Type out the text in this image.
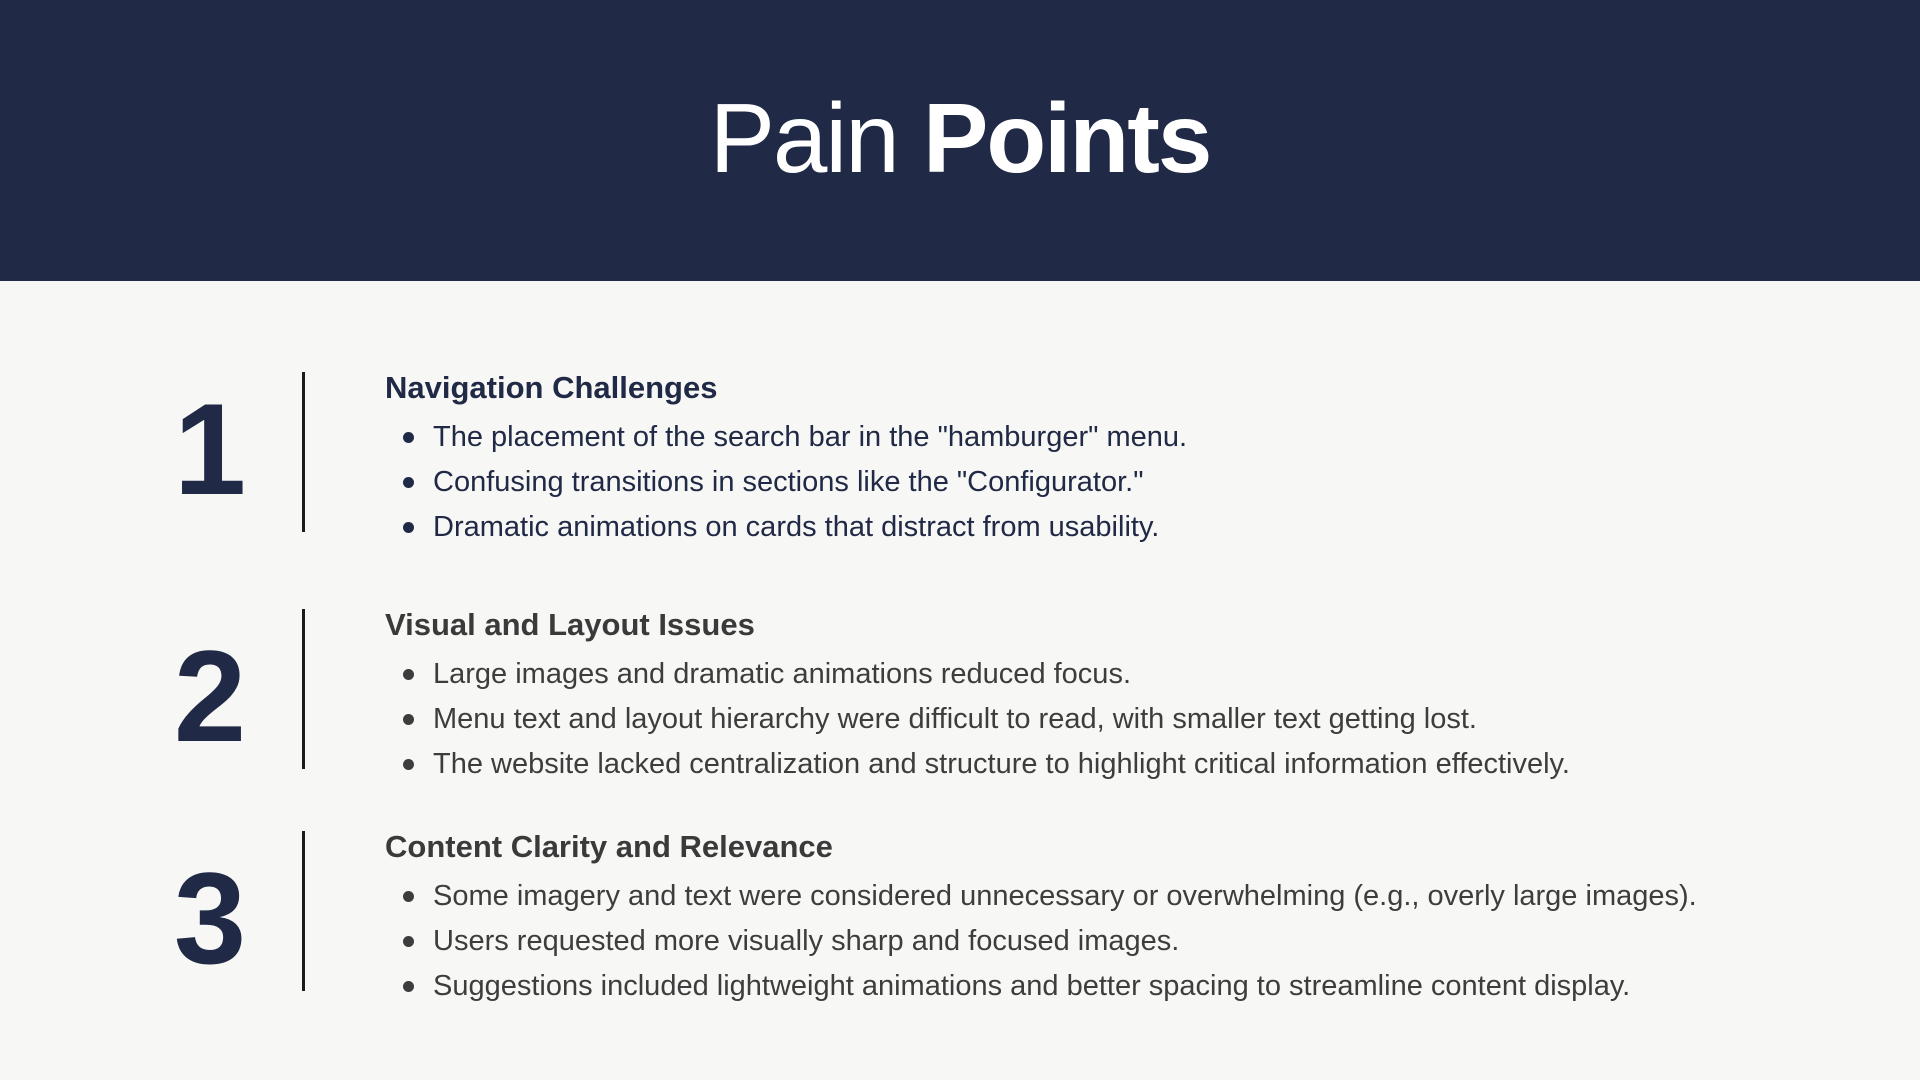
Pain Points
1	Navigation Challenges
The placement of the search bar in the "hamburger" menu.
Confusing transitions in sections like the "Configurator."
Dramatic animations on cards that distract from usability.
2	Visual and Layout Issues
Large images and dramatic animations reduced focus.
Menu text and layout hierarchy were difficult to read, with smaller text getting lost.
The website lacked centralization and structure to highlight critical information effectively.
3	Content Clarity and Relevance
Some imagery and text were considered unnecessary or overwhelming (e.g., overly large images).
Users requested more visually sharp and focused images.
Suggestions included lightweight animations and better spacing to streamline content display.
